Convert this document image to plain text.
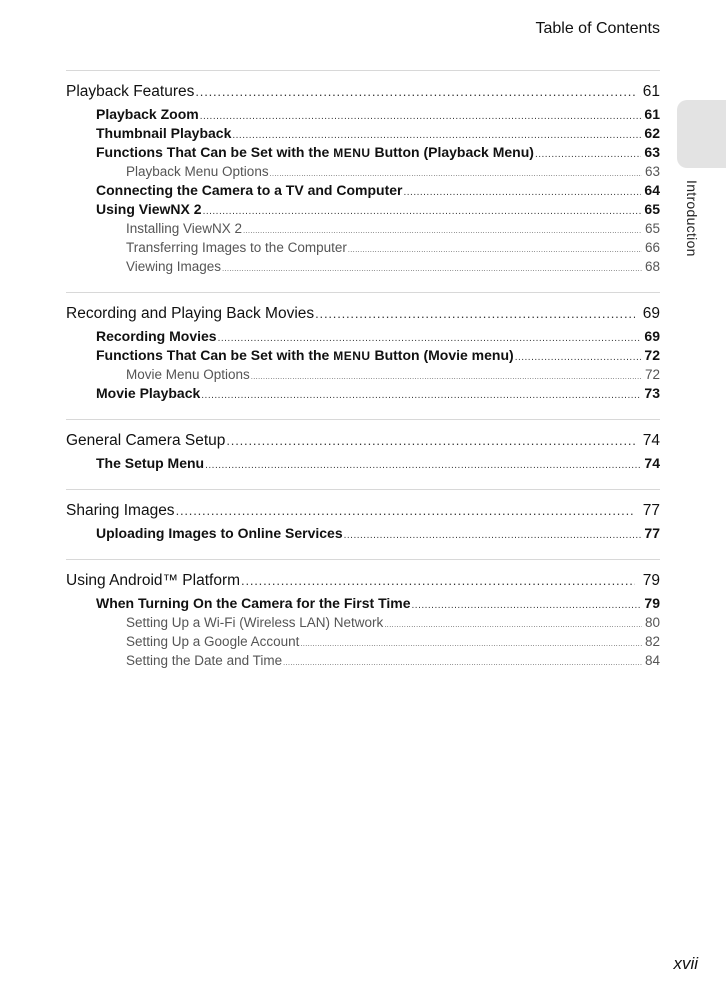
Table of Contents
Introduction
Playback Features .....	61
Playback Zoom .....	61
Thumbnail Playback .....	62
Functions That Can be Set with the MENU Button (Playback Menu) .....	63
Playback Menu Options .....	63
Connecting the Camera to a TV and Computer .....	64
Using ViewNX 2 .....	65
Installing ViewNX 2 .....	65
Transferring Images to the Computer .....	66
Viewing Images .....	68
Recording and Playing Back Movies .....	69
Recording Movies .....	69
Functions That Can be Set with the MENU Button (Movie menu) .....	72
Movie Menu Options .....	72
Movie Playback .....	73
General Camera Setup .....	74
The Setup Menu .....	74
Sharing Images .....	77
Uploading Images to Online Services .....	77
Using Android™ Platform .....	79
When Turning On the Camera for the First Time .....	79
Setting Up a Wi-Fi (Wireless LAN) Network .....	80
Setting Up a Google Account .....	82
Setting the Date and Time .....	84
xvii
